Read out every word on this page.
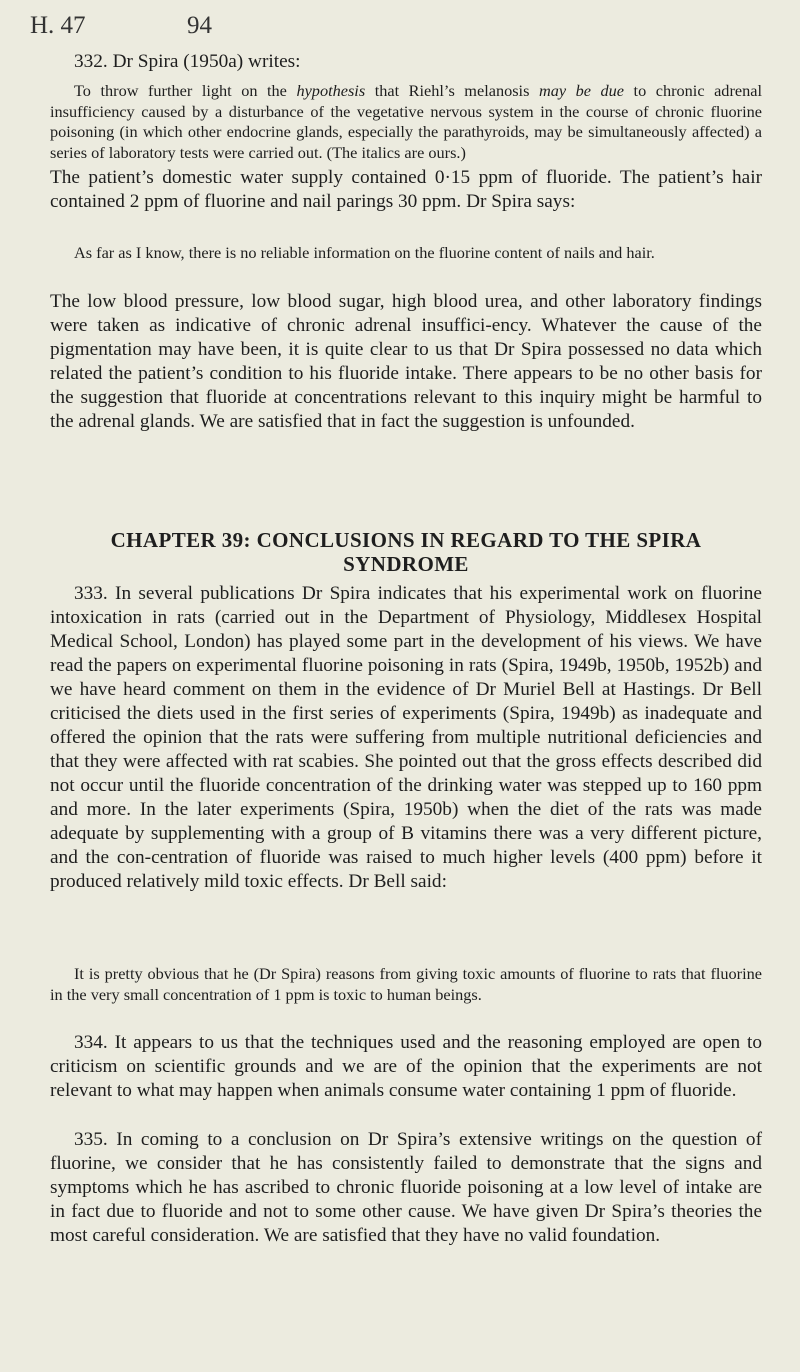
H. 47	94

332. Dr Spira (1950a) writes:

To throw further light on the hypothesis that Riehl’s melanosis may be due to chronic adrenal insufficiency caused by a disturbance of the vegetative nervous system in the course of chronic fluorine poisoning (in which other endocrine glands, especially the parathyroids, may be simultaneously affected) a series of laboratory tests were carried out. (The italics are ours.)

The patient’s domestic water supply contained 0·15 ppm of fluoride. The patient’s hair contained 2 ppm of fluorine and nail parings 30 ppm. Dr Spira says:

As far as I know, there is no reliable information on the fluorine content of nails and hair.

The low blood pressure, low blood sugar, high blood urea, and other laboratory findings were taken as indicative of chronic adrenal insuffici-ency. Whatever the cause of the pigmentation may have been, it is quite clear to us that Dr Spira possessed no data which related the patient’s condition to his fluoride intake. There appears to be no other basis for the suggestion that fluoride at concentrations relevant to this inquiry might be harmful to the adrenal glands. We are satisfied that in fact the suggestion is unfounded.

CHAPTER 39: CONCLUSIONS IN REGARD TO THE SPIRA SYNDROME

333. In several publications Dr Spira indicates that his experimental work on fluorine intoxication in rats (carried out in the Department of Physiology, Middlesex Hospital Medical School, London) has played some part in the development of his views. We have read the papers on experimental fluorine poisoning in rats (Spira, 1949b, 1950b, 1952b) and we have heard comment on them in the evidence of Dr Muriel Bell at Hastings. Dr Bell criticised the diets used in the first series of experiments (Spira, 1949b) as inadequate and offered the opinion that the rats were suffering from multiple nutritional deficiencies and that they were affected with rat scabies. She pointed out that the gross effects described did not occur until the fluoride concentration of the drinking water was stepped up to 160 ppm and more. In the later experiments (Spira, 1950b) when the diet of the rats was made adequate by supplementing with a group of B vitamins there was a very different picture, and the con-centration of fluoride was raised to much higher levels (400 ppm) before it produced relatively mild toxic effects. Dr Bell said:

It is pretty obvious that he (Dr Spira) reasons from giving toxic amounts of fluorine to rats that fluorine in the very small concentration of 1 ppm is toxic to human beings.

334. It appears to us that the techniques used and the reasoning employed are open to criticism on scientific grounds and we are of the opinion that the experiments are not relevant to what may happen when animals consume water containing 1 ppm of fluoride.

335. In coming to a conclusion on Dr Spira’s extensive writings on the question of fluorine, we consider that he has consistently failed to demonstrate that the signs and symptoms which he has ascribed to chronic fluoride poisoning at a low level of intake are in fact due to fluoride and not to some other cause. We have given Dr Spira’s theories the most careful consideration. We are satisfied that they have no valid foundation.
